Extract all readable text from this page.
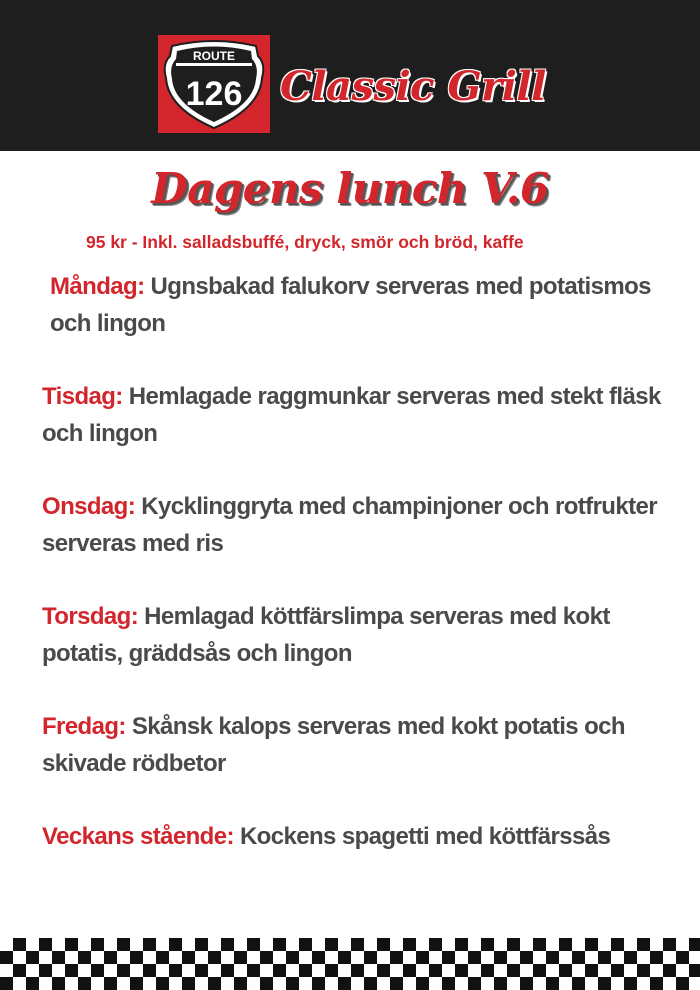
ROUTE
126 Classic Grill
Dagens lunch V.6
95 kr - Inkl. salladsbuffé, dryck, smör och bröd, kaffe
Måndag: Ugnsbakad falukorv serveras med potatismos och lingon
Tisdag: Hemlagade raggmunkar serveras med stekt fläsk och lingon
Onsdag: Kycklinggryta med champinjoner och rotfrukter serveras med ris
Torsdag: Hemlagad köttfärslimpa serveras med kokt potatis, gräddsås och lingon
Fredag: Skånsk kalops serveras med kokt potatis och skivade rödbetor
Veckans stående: Kockens spagetti med köttfärssås
